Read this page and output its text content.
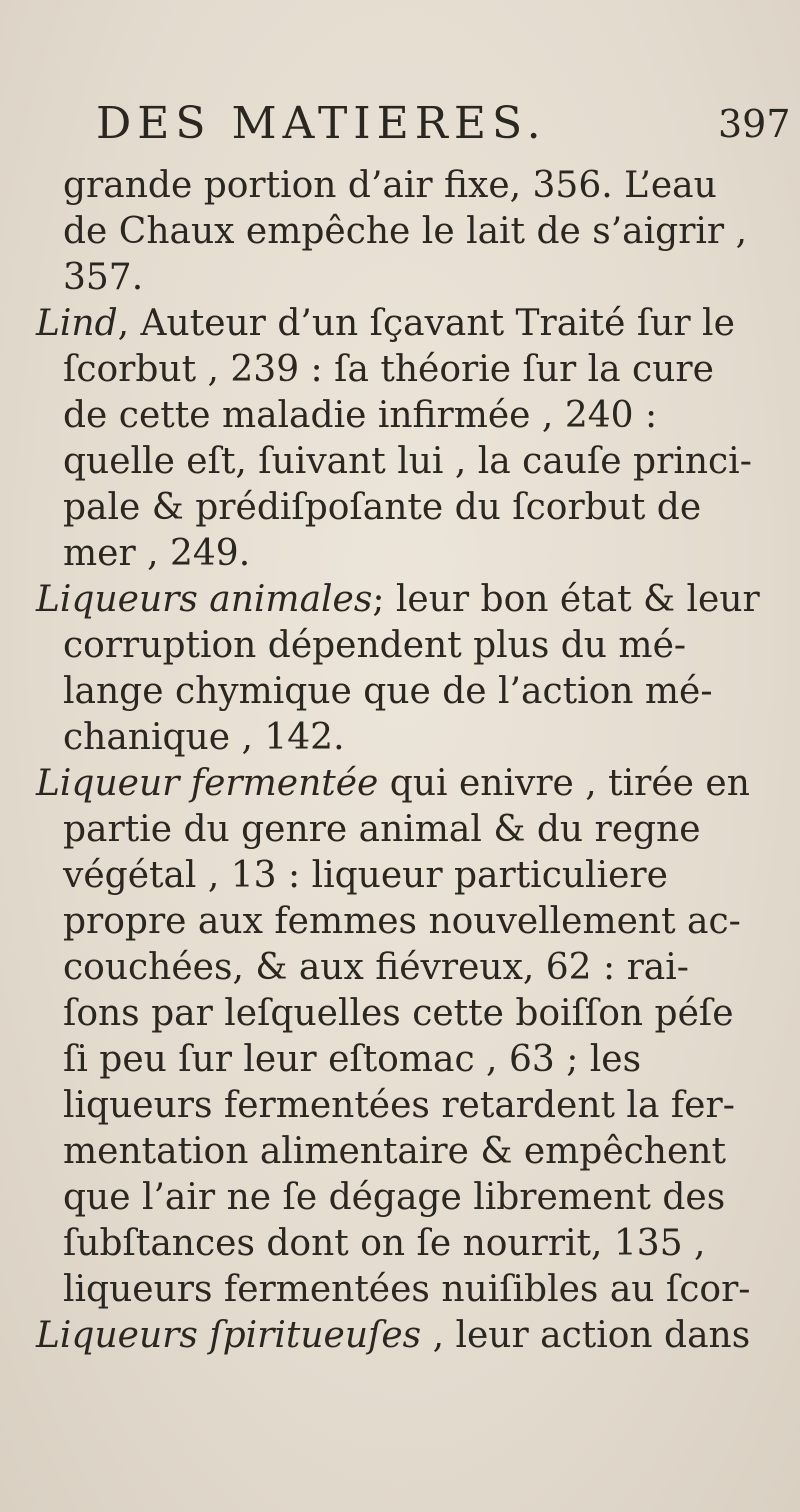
DES MATIERES.	397
grande portion d’air fixe, 356. L’eau
de Chaux empêche le lait de s’aigrir ,
357.
Lind, Auteur d’un ſçavant Traité ſur le
ſcorbut , 239 : ſa théorie ſur la cure
de cette maladie infirmée , 240 :
quelle eſt, ſuivant lui , la cauſe princi-
pale & prédiſpoſante du ſcorbut de
mer , 249.
Liqueurs animales; leur bon état & leur
corruption dépendent plus du mé-
lange chymique que de l’action mé-
chanique , 142.
Liqueur fermentée qui enivre , tirée en
partie du genre animal & du regne
végétal , 13 : liqueur particuliere
propre aux femmes nouvellement ac-
couchées, & aux fiévreux, 62 : rai-
ſons par leſquelles cette boiſſon péſe
ſi peu ſur leur eſtomac , 63 ; les
liqueurs fermentées retardent la fer-
mentation alimentaire & empêchent
que l’air ne ſe dégage librement des
ſubſtances dont on ſe nourrit, 135 ,
liqueurs fermentées nuiſibles au ſcor-
Liqueurs ſpiritueuſes , leur action dans
